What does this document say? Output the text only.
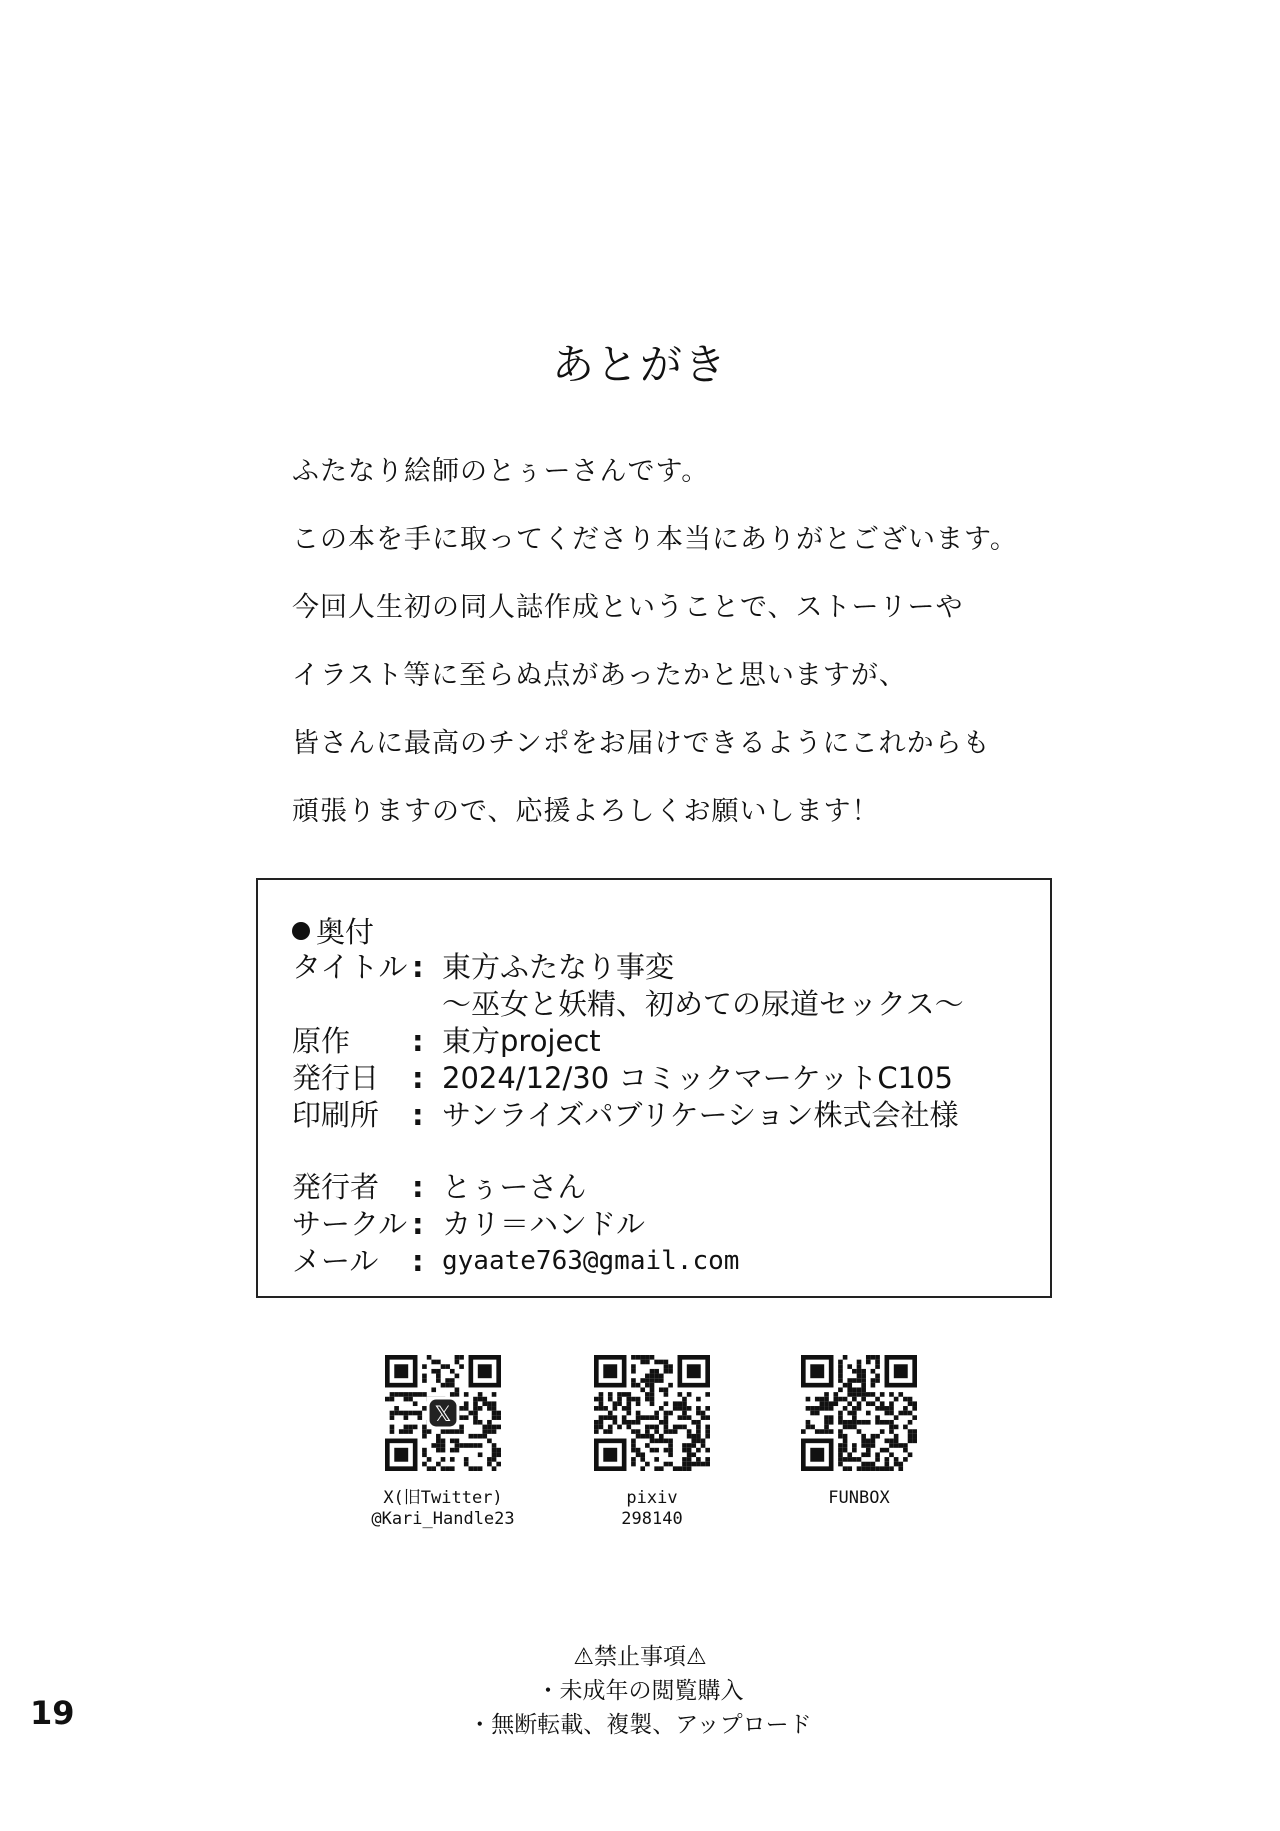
あとがき
ふたなり絵師のとぅーさんです。
この本を手に取ってくださり本当にありがとございます。
今回人生初の同人誌作成ということで、ストーリーや
イラスト等に至らぬ点があったかと思いますが、
皆さんに最高のチンポをお届けできるようにこれからも
頑張りますので、応援よろしくお願いします！
奥付
タイトル : 東方ふたなり事変
～巫女と妖精、初めての尿道セックス～
原作 : 東方project
発行日 : 2024/12/30 コミックマーケットC105
印刷所 : サンライズパブリケーション株式会社様
発行者 : とぅーさん
サークル : カリ＝ハンドル
メール : gyaate763@gmail.com
𝕏
X(旧Twitter)
@Kari_Handle23
pixiv
298140
FUNBOX
⚠禁止事項⚠
・未成年の閲覧購入
・無断転載、複製、アップロード
19
